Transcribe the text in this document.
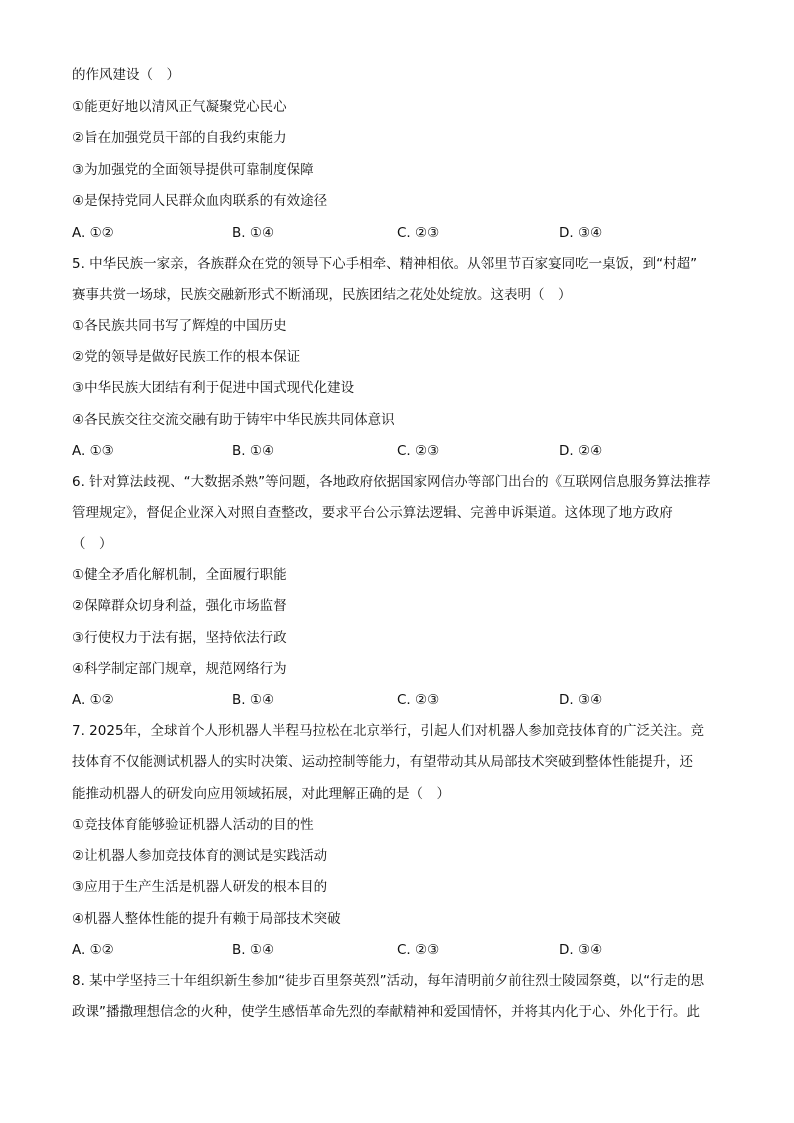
的作风建设（　）
①能更好地以清风正气凝聚党心民心
②旨在加强党员干部的自我约束能力
③为加强党的全面领导提供可靠制度保障
④是保持党同人民群众血肉联系的有效途径
A. ①②	B. ①④	C. ②③	D. ③④
5. 中华民族一家亲，各族群众在党的领导下心手相牵、精神相依。从邻里节百家宴同吃一桌饭，到“村超”
赛事共赏一场球，民族交融新形式不断涌现，民族团结之花处处绽放。这表明（　）
①各民族共同书写了辉煌的中国历史
②党的领导是做好民族工作的根本保证
③中华民族大团结有利于促进中国式现代化建设
④各民族交往交流交融有助于铸牢中华民族共同体意识
A. ①③	B. ①④	C. ②③	D. ②④
6. 针对算法歧视、“大数据杀熟”等问题，各地政府依据国家网信办等部门出台的《互联网信息服务算法推荐
管理规定》，督促企业深入对照自查整改，要求平台公示算法逻辑、完善申诉渠道。这体现了地方政府
（　）
①健全矛盾化解机制，全面履行职能
②保障群众切身利益，强化市场监督
③行使权力于法有据，坚持依法行政
④科学制定部门规章，规范网络行为
A. ①②	B. ①④	C. ②③	D. ③④
7. 2025年，全球首个人形机器人半程马拉松在北京举行，引起人们对机器人参加竞技体育的广泛关注。竞
技体育不仅能测试机器人的实时决策、运动控制等能力，有望带动其从局部技术突破到整体性能提升，还
能推动机器人的研发向应用领域拓展，对此理解正确的是（　）
①竞技体育能够验证机器人活动的目的性
②让机器人参加竞技体育的测试是实践活动
③应用于生产生活是机器人研发的根本目的
④机器人整体性能的提升有赖于局部技术突破
A. ①②	B. ①④	C. ②③	D. ③④
8. 某中学坚持三十年组织新生参加“徒步百里祭英烈”活动，每年清明前夕前往烈士陵园祭奠，以“行走的思
政课”播撒理想信念的火种，使学生感悟革命先烈的奉献精神和爱国情怀，并将其内化于心、外化于行。此
